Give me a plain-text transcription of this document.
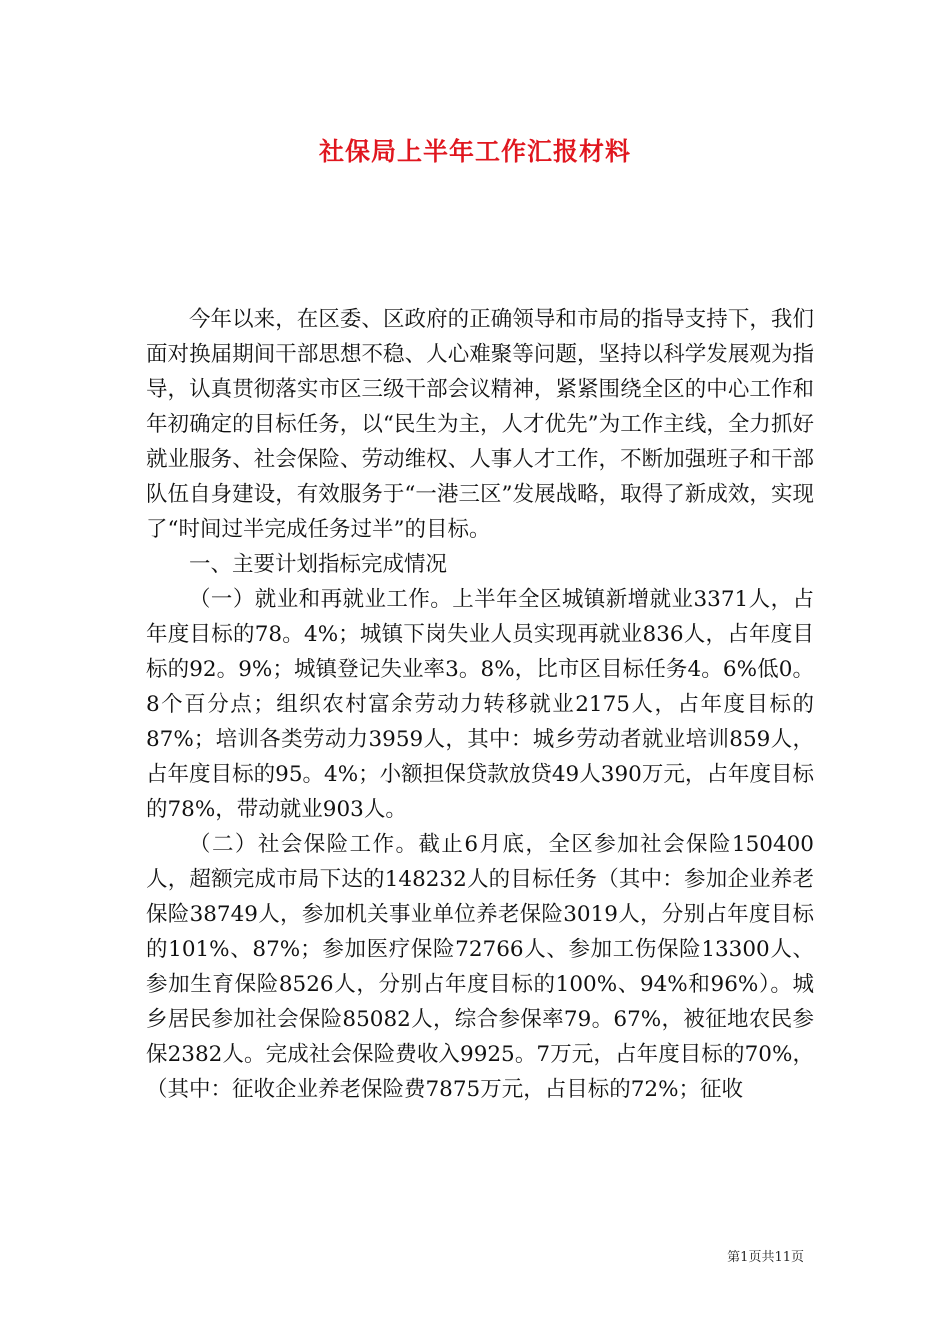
社保局上半年工作汇报材料

今年以来，在区委、区政府的正确领导和市局的指导支持下，我们面对换届期间干部思想不稳、人心难聚等问题，坚持以科学发展观为指导，认真贯彻落实市区三级干部会议精神，紧紧围绕全区的中心工作和年初确定的目标任务，以“民生为主，人才优先”为工作主线，全力抓好就业服务、社会保险、劳动维权、人事人才工作，不断加强班子和干部队伍自身建设，有效服务于“一港三区”发展战略，取得了新成效，实现了“时间过半完成任务过半”的目标。

一、主要计划指标完成情况

（一）就业和再就业工作。上半年全区城镇新增就业3371人，占年度目标的78。4%；城镇下岗失业人员实现再就业836人，占年度目标的92。9%；城镇登记失业率3。8%，比市区目标任务4。6%低0。8个百分点；组织农村富余劳动力转移就业2175人，占年度目标的87%；培训各类劳动力3959人，其中：城乡劳动者就业培训859人，占年度目标的95。4%；小额担保贷款放贷49人390万元，占年度目标的78%，带动就业903人。

（二）社会保险工作。截止6月底，全区参加社会保险150400人，超额完成市局下达的148232人的目标任务（其中：参加企业养老保险38749人，参加机关事业单位养老保险3019人，分别占年度目标的101%、87%；参加医疗保险72766人、参加工伤保险13300人、参加生育保险8526人，分别占年度目标的100%、94%和96%）。城乡居民参加社会保险85082人，综合参保率79。67%，被征地农民参保2382人。完成社会保险费收入9925。7万元，占年度目标的70%，（其中：征收企业养老保险费7875万元，占目标的72%；征收

第1页共11页
